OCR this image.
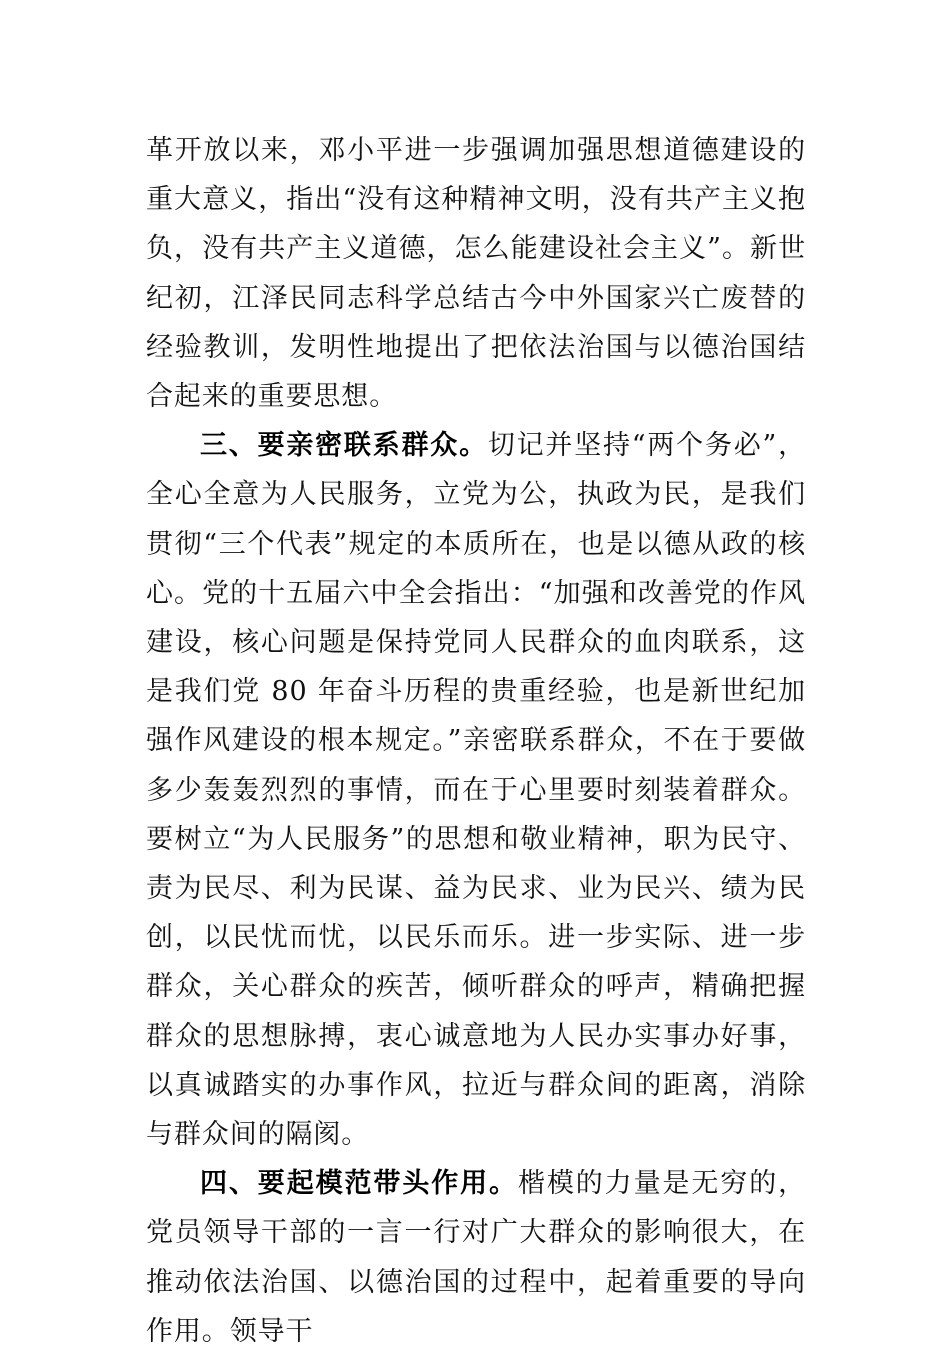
革开放以来，邓小平进一步强调加强思想道德建设的重大意义，指出“没有这种精神文明，没有共产主义抱负，没有共产主义道德，怎么能建设社会主义”。新世纪初，江泽民同志科学总结古今中外国家兴亡废替的经验教训，发明性地提出了把依法治国与以德治国结合起来的重要思想。

三、要亲密联系群众。切记并坚持“两个务必”，全心全意为人民服务，立党为公，执政为民，是我们贯彻“三个代表”规定的本质所在，也是以德从政的核心。党的十五届六中全会指出：“加强和改善党的作风建设，核心问题是保持党同人民群众的血肉联系，这是我们党 80 年奋斗历程的贵重经验，也是新世纪加强作风建设的根本规定。”亲密联系群众，不在于要做多少轰轰烈烈的事情，而在于心里要时刻装着群众。要树立“为人民服务”的思想和敬业精神，职为民守、责为民尽、利为民谋、益为民求、业为民兴、绩为民创，以民忧而忧，以民乐而乐。进一步实际、进一步群众，关心群众的疾苦，倾听群众的呼声，精确把握群众的思想脉搏，衷心诚意地为人民办实事办好事，以真诚踏实的办事作风，拉近与群众间的距离，消除与群众间的隔阂。

四、要起模范带头作用。楷模的力量是无穷的，党员领导干部的一言一行对广大群众的影响很大，在推动依法治国、以德治国的过程中，起着重要的导向作用。领导干
